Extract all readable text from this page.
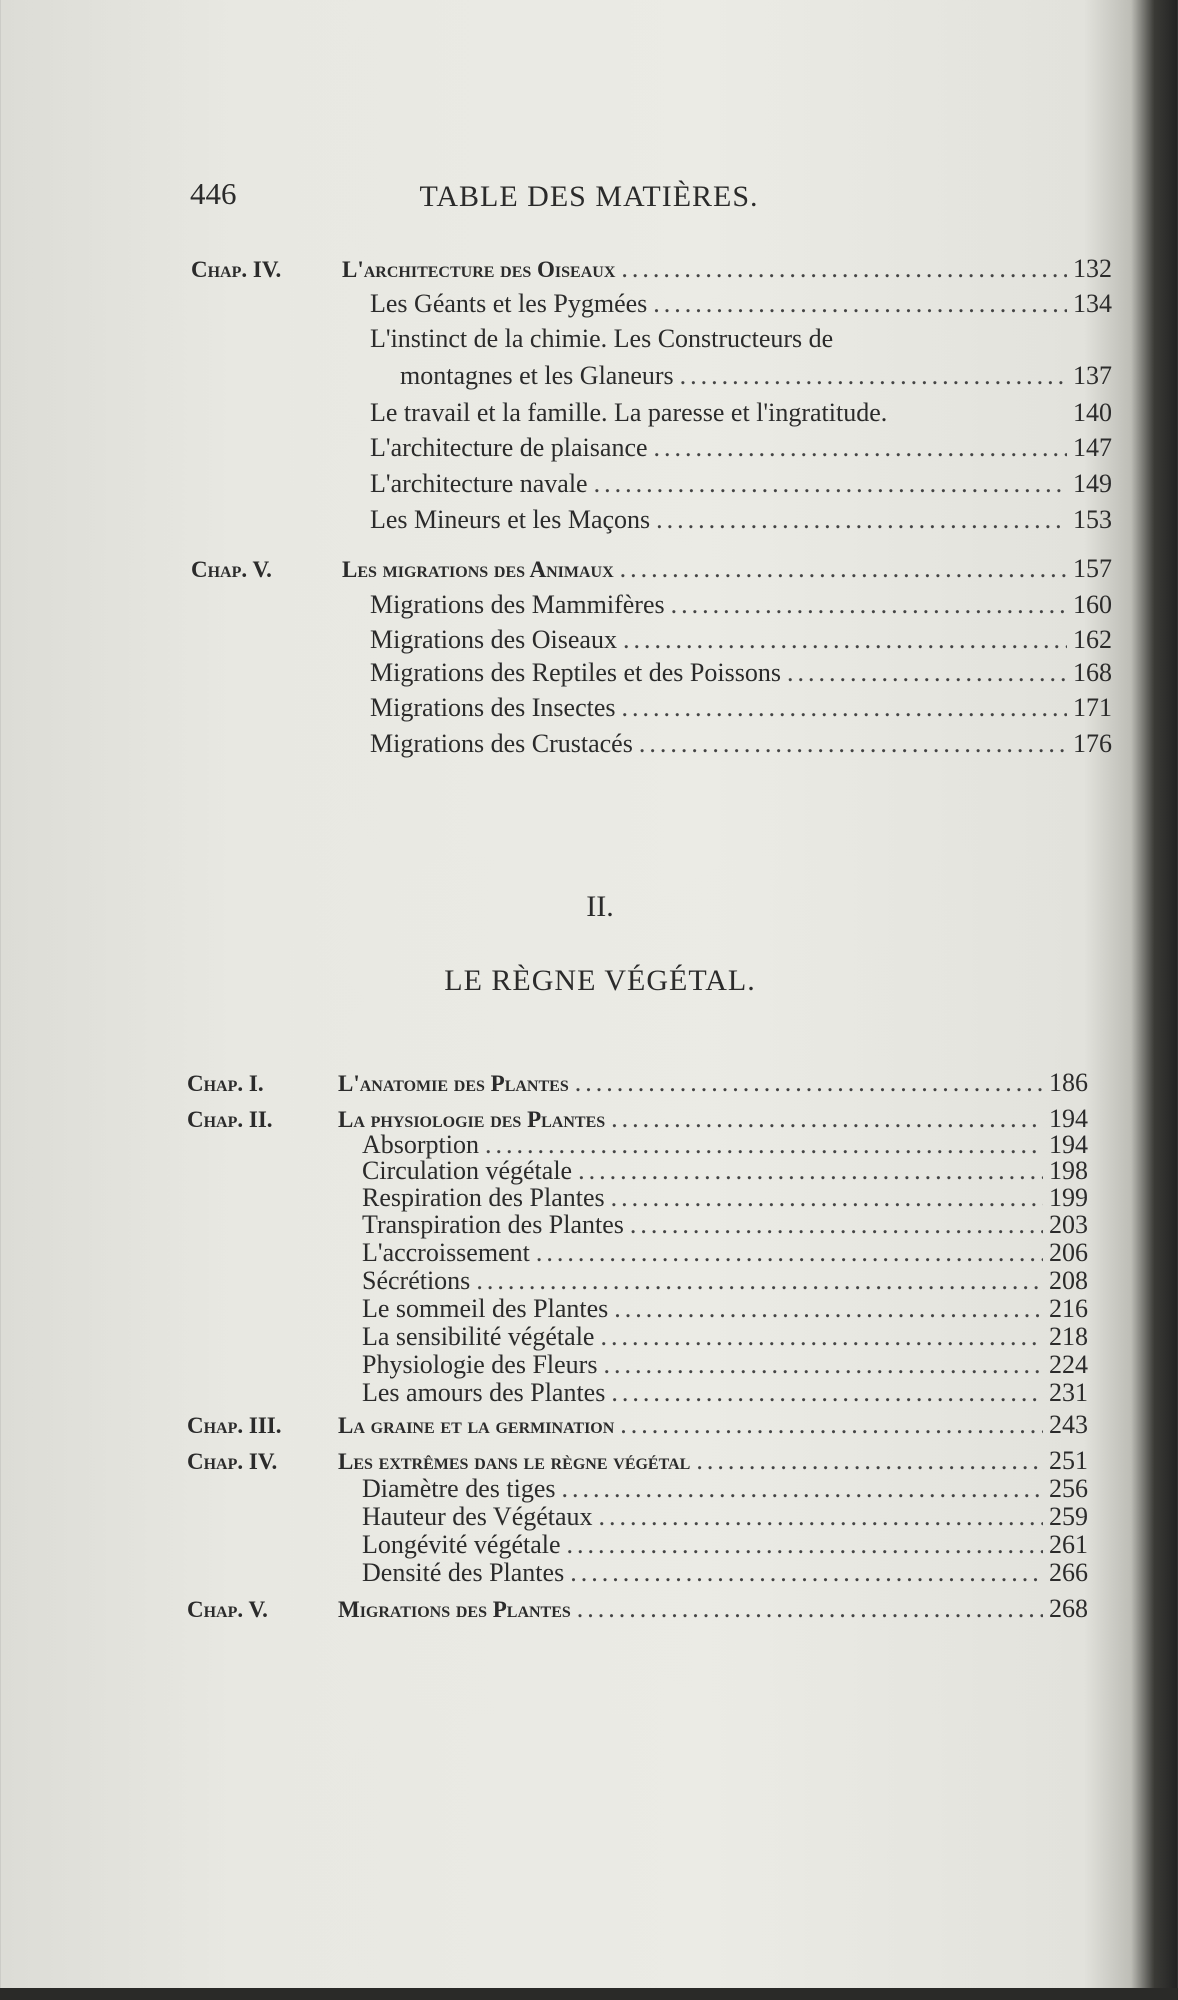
446	TABLE DES MATIÈRES.
II.
LE RÈGNE VÉGÉTAL.
Chap. IV.	L'architecture des Oiseaux .....	132
Les Géants et les Pygmées .....	134
L'instinct de la chimie. Les Constructeurs de
montagnes et les Glaneurs .....	137
Le travail et la famille. La paresse et l'ingratitude.	140
L'architecture de plaisance .....	147
L'architecture navale .....	149
Les Mineurs et les Maçons .....	153
Chap. V.	Les migrations des Animaux .....	157
Migrations des Mammifères .....	160
Migrations des Oiseaux .....	162
Migrations des Reptiles et des Poissons .....	168
Migrations des Insectes .....	171
Migrations des Crustacés .....	176
Chap. I.	L'anatomie des Plantes .....	186
Chap. II.	La physiologie des Plantes .....	194
Absorption .....	194
Circulation végétale .....	198
Respiration des Plantes .....	199
Transpiration des Plantes .....	203
L'accroissement .....	206
Sécrétions .....	208
Le sommeil des Plantes .....	216
La sensibilité végétale .....	218
Physiologie des Fleurs .....	224
Les amours des Plantes .....	231
Chap. III.	La graine et la germination .....	243
Chap. IV.	Les extrêmes dans le règne végétal .....	251
Diamètre des tiges .....	256
Hauteur des Végétaux .....	259
Longévité végétale .....	261
Densité des Plantes .....	266
Chap. V.	Migrations des Plantes .....	268
